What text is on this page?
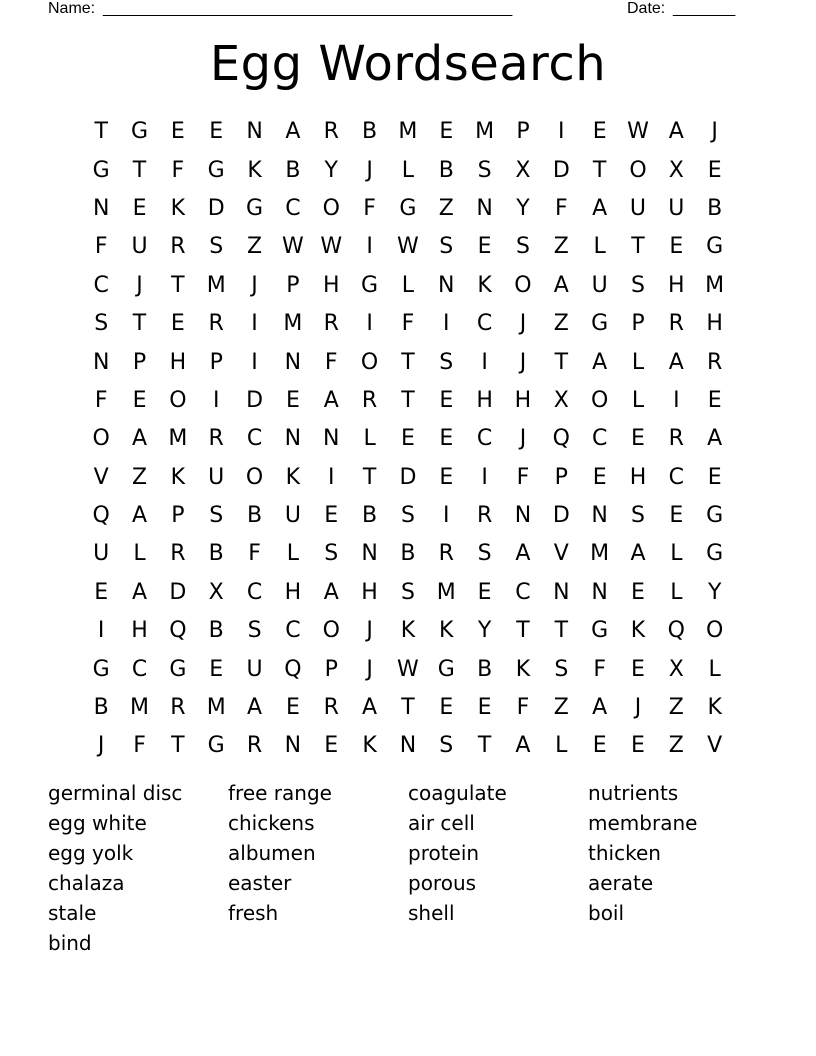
Name: ______________________________________________	Date: _______
Egg Wordsearch
T	G	E	E	N	A	R	B M E M	P	I	E W A	J
G	T	F	G	K	B	Y	J	L	B	S	X	D	T	O	X	E
N	E	K	D G	C O	F	G	Z	N	Y	F	A	U	U	B
F	U	R	S	Z W W	I	W S	E	S	Z	L	T	E	G
C	J	T	M	J	P	H G	L	N	K	O	A	U	S	H M
S	T	E	R	I	M R	I	F	I	C	J	Z	G	P	R	H
N	P	H	P	I	N	F	O	T	S	I	J	T	A	L	A	R
F	E	O	I	D	E	A	R	T	E	H H	X	O	L	I	E
O	A M R	C	N N	L	E	E	C	J	Q	C	E	R	A
V	Z	K	U O	K	I	T	D	E	I	F	P	E	H	C	E
Q	A	P	S	B	U	E	B	S	I	R	N D N	S	E	G
U	L	R	B	F	L	S	N	B	R	S	A	V M A	L	G
E	A	D	X	C	H	A	H	S M E	C	N N	E	L	Y
I	H Q	B	S	C O	J	K	K	Y	T	T	G	K	Q O
G	C	G	E	U Q	P	J	W G	B	K	S	F	E	X	L
B M R M A	E	R	A	T	E	E	F	Z	A	J	Z	K
J	F	T	G	R	N	E	K	N	S	T	A	L	E	E	Z	V
germinal disc
egg white
egg yolk
chalaza
stale
bind
free range
chickens
albumen
easter
fresh
coagulate
air cell
protein
porous
shell
nutrients
membrane
thicken
aerate
boil
